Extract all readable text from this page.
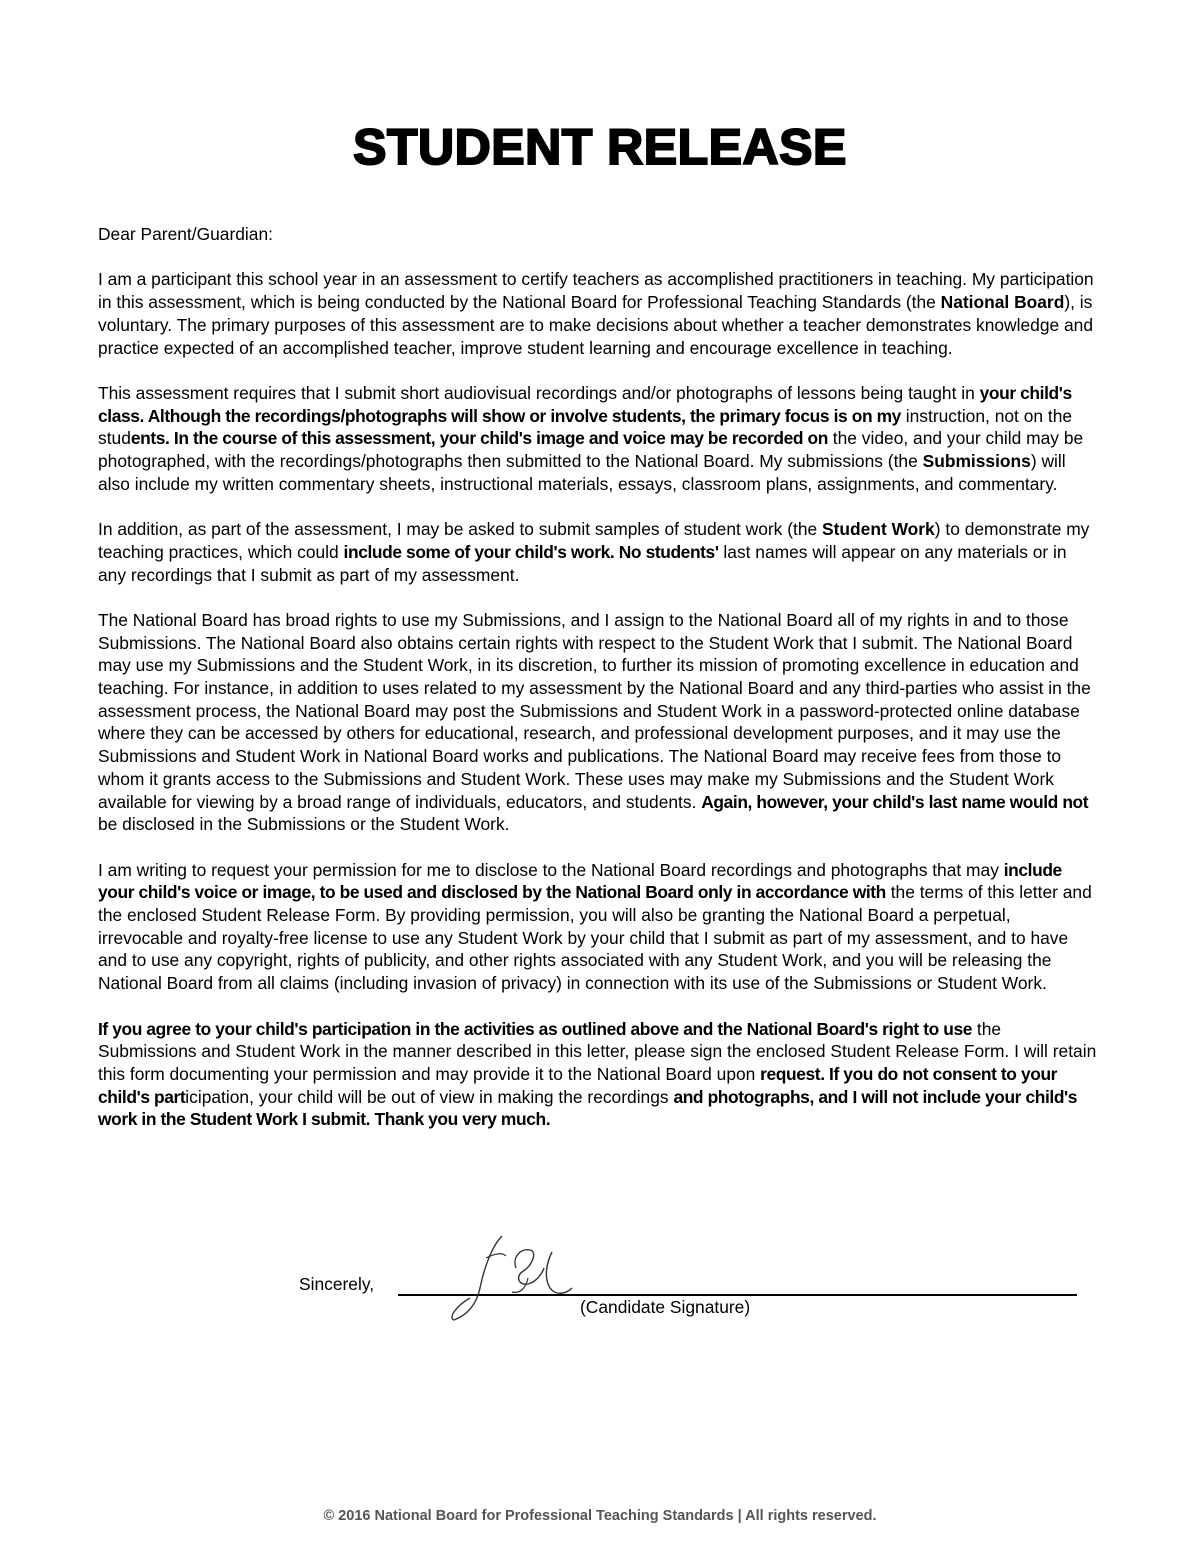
STUDENT RELEASE

Dear Parent/Guardian:

I am a participant this school year in an assessment to certify teachers as accomplished practitioners in teaching. My participation in this assessment, which is being conducted by the National Board for Professional Teaching Standards (the National Board), is voluntary. The primary purposes of this assessment are to make decisions about whether a teacher demonstrates knowledge and practice expected of an accomplished teacher, improve student learning and encourage excellence in teaching.

This assessment requires that I submit short audiovisual recordings and/or photographs of lessons being taught in your child's class. Although the recordings/photographs will show or involve students, the primary focus is on my instruction, not on the students. In the course of this assessment, your child's image and voice may be recorded on the video, and your child may be photographed, with the recordings/photographs then submitted to the National Board. My submissions (the Submissions) will also include my written commentary sheets, instructional materials, essays, classroom plans, assignments, and commentary.

In addition, as part of the assessment, I may be asked to submit samples of student work (the Student Work) to demonstrate my teaching practices, which could include some of your child's work. No students' last names will appear on any materials or in any recordings that I submit as part of my assessment.

The National Board has broad rights to use my Submissions, and I assign to the National Board all of my rights in and to those Submissions. The National Board also obtains certain rights with respect to the Student Work that I submit. The National Board may use my Submissions and the Student Work, in its discretion, to further its mission of promoting excellence in education and teaching. For instance, in addition to uses related to my assessment by the National Board and any third-parties who assist in the assessment process, the National Board may post the Submissions and Student Work in a password-protected online database where they can be accessed by others for educational, research, and professional development purposes, and it may use the Submissions and Student Work in National Board works and publications. The National Board may receive fees from those to whom it grants access to the Submissions and Student Work. These uses may make my Submissions and the Student Work available for viewing by a broad range of individuals, educators, and students. Again, however, your child's last name would not be disclosed in the Submissions or the Student Work.

I am writing to request your permission for me to disclose to the National Board recordings and photographs that may include your child's voice or image, to be used and disclosed by the National Board only in accordance with the terms of this letter and the enclosed Student Release Form. By providing permission, you will also be granting the National Board a perpetual, irrevocable and royalty-free license to use any Student Work by your child that I submit as part of my assessment, and to have and to use any copyright, rights of publicity, and other rights associated with any Student Work, and you will be releasing the National Board from all claims (including invasion of privacy) in connection with its use of the Submissions or Student Work.

If you agree to your child's participation in the activities as outlined above and the National Board's right to use the Submissions and Student Work in the manner described in this letter, please sign the enclosed Student Release Form. I will retain this form documenting your permission and may provide it to the National Board upon request. If you do not consent to your child's participation, your child will be out of view in making the recordings and photographs, and I will not include your child's work in the Student Work I submit. Thank you very much.

Sincerely,
(Candidate Signature)
© 2016 National Board for Professional Teaching Standards | All rights reserved.
